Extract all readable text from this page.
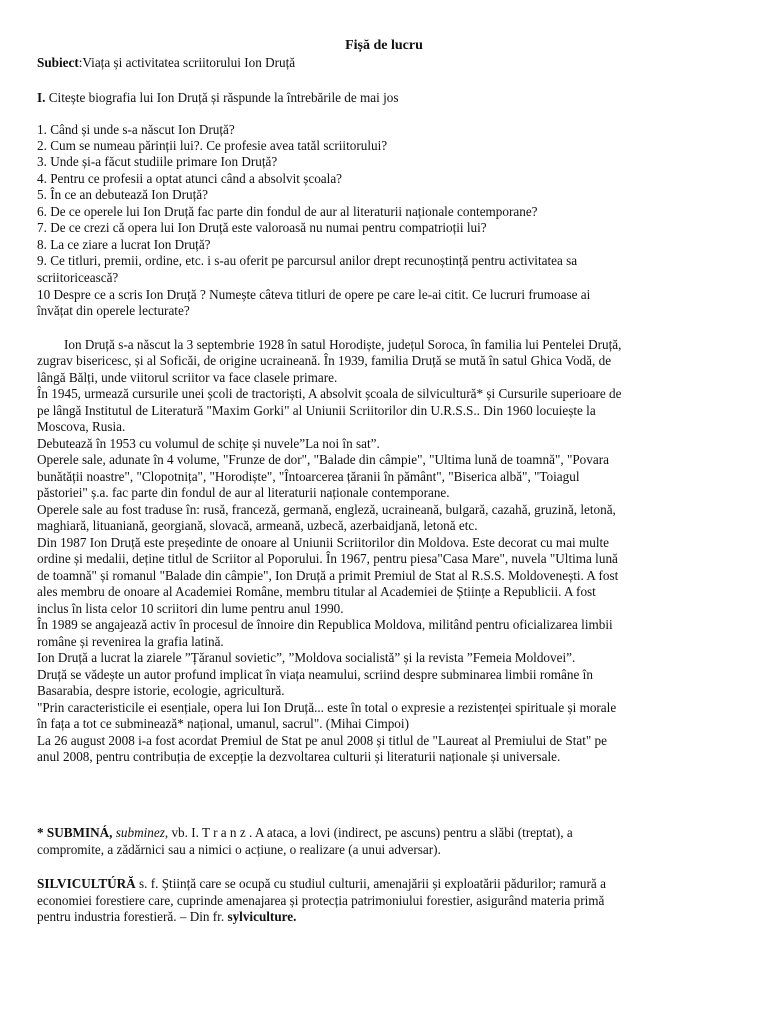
Fișă de lucru
Subiect:Viața și activitatea scriitorului Ion Druță
I. Citește biografia lui Ion Druță și răspunde la întrebările de mai jos
1. Când și unde s-a născut Ion Druță?
2. Cum se numeau părinții lui?. Ce profesie avea tatăl scriitorului?
3. Unde și-a făcut studiile primare Ion Druță?
4. Pentru ce profesii a optat atunci când a absolvit școala?
5. În ce an debutează Ion Druță?
6. De ce operele lui Ion Druță fac parte din fondul de aur al literaturii naționale contemporane?
7. De ce crezi că opera lui Ion Druță este valoroasă nu numai pentru compatrioții lui?
8. La ce ziare a lucrat Ion Druță?
9. Ce titluri, premii, ordine, etc. i s-au oferit pe parcursul anilor drept recunoștință pentru activitatea sa
scriitoricească?
10 Despre ce a scris Ion Druță ? Numește câteva titluri de opere pe care le-ai citit. Ce lucruri frumoase ai
învățat din operele lecturate?
Ion Druță s-a născut la 3 septembrie 1928 în satul Horodiște, județul Soroca, în familia lui Pentelei Druță,
zugrav bisericesc, și al Soficăi, de origine ucraineană. În 1939, familia Druță se mută în satul Ghica Vodă, de
lângă Bălți, unde viitorul scriitor va face clasele primare.
În 1945, urmează cursurile unei școli de tractoriști, A absolvit școala de silvicultură* și Cursurile superioare de
pe lângă Institutul de Literatură "Maxim Gorki" al Uniunii Scriitorilor din U.R.S.S.. Din 1960 locuiește la
Moscova, Rusia.
Debutează în 1953 cu volumul de schițe și nuvele”La noi în sat”.
Operele sale, adunate în 4 volume, "Frunze de dor", "Balade din câmpie", "Ultima lună de toamnă", "Povara
bunătății noastre", "Clopotnița", "Horodiște", "Întoarcerea țăranii în pământ", "Biserica albă", "Toiagul
păstoriei" ș.a. fac parte din fondul de aur al literaturii naționale contemporane.
Operele sale au fost traduse în: rusă, franceză, germană, engleză, ucraineană, bulgară, cazahă, gruzină, letonă,
maghiară, lituaniană, georgiană, slovacă, armeană, uzbecă, azerbaidjană, letonă etc.
Din 1987 Ion Druță este președinte de onoare al Uniunii Scriitorilor din Moldova. Este decorat cu mai multe
ordine și medalii, deține titlul de Scriitor al Poporului. În 1967, pentru piesa"Casa Mare", nuvela "Ultima lună
de toamnă" și romanul "Balade din câmpie", Ion Druță a primit Premiul de Stat al R.S.S. Moldovenești. A fost
ales membru de onoare al Academiei Române, membru titular al Academiei de Științe a Republicii. A fost
inclus în lista celor 10 scriitori din lume pentru anul 1990.
În 1989 se angajează activ în procesul de înnoire din Republica Moldova, militând pentru oficializarea limbii
române și revenirea la grafia latină.
Ion Druță a lucrat la ziarele ”Țăranul sovietic”, ”Moldova socialistă” și la revista ”Femeia Moldovei”.
Druță se vădește un autor profund implicat în viața neamului, scriind despre subminarea limbii române în
Basarabia, despre istorie, ecologie, agricultură.
"Prin caracteristicile ei esențiale, opera lui Ion Druță... este în total o expresie a rezistenței spirituale și morale
în fața a tot ce subminează* național, umanul, sacrul". (Mihai Cimpoi)
La 26 august 2008 i-a fost acordat Premiul de Stat pe anul 2008 și titlul de "Laureat al Premiului de Stat" pe
anul 2008, pentru contribuția de excepție la dezvoltarea culturii și literaturii naționale și universale.
* SUBMINÁ, subminez, vb. I. T r a n z . A ataca, a lovi (indirect, pe ascuns) pentru a slăbi (treptat), a
compromite, a zădărnici sau a nimici o acțiune, o realizare (a unui adversar).
SILVICULTÚRĂ s. f. Știință care se ocupă cu studiul culturii, amenajării și exploatării pădurilor; ramură a
economiei forestiere care, cuprinde amenajarea și protecția patrimoniului forestier, asigurând materia primă
pentru industria forestieră. – Din fr. sylviculture.
